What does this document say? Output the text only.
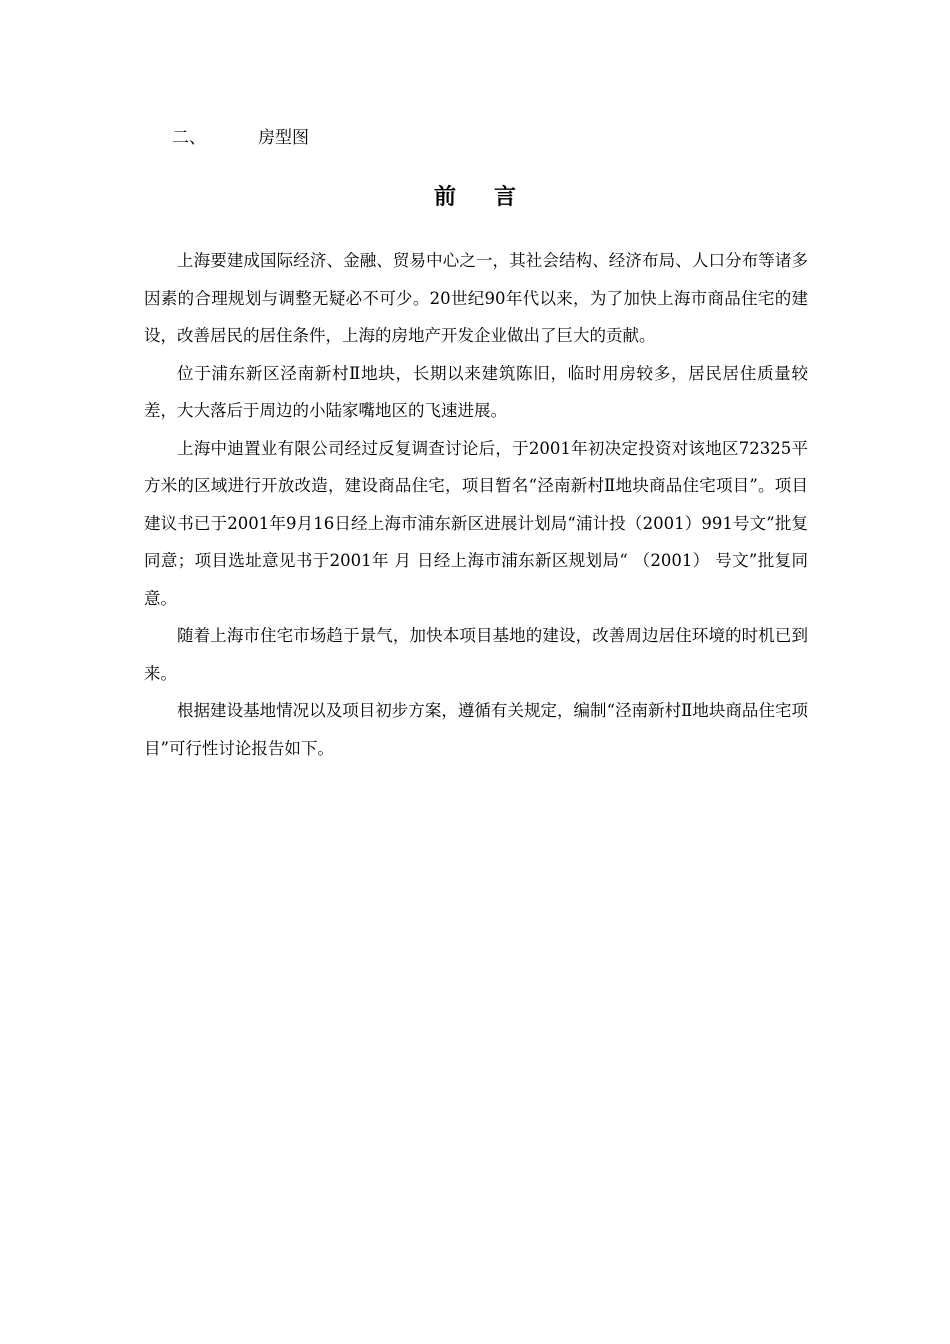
二、	房型图
前言

上海要建成国际经济、金融、贸易中心之一，其社会结构、经济布局、人口分布等诸多因素的合理规划与调整无疑必不可少。20世纪90年代以来，为了加快上海市商品住宅的建设，改善居民的居住条件，上海的房地产开发企业做出了巨大的贡献。

位于浦东新区泾南新村Ⅱ地块，长期以来建筑陈旧，临时用房较多，居民居住质量较差，大大落后于周边的小陆家嘴地区的飞速进展。

上海中迪置业有限公司经过反复调查讨论后，于2001年初决定投资对该地区72325平方米的区域进行开放改造，建设商品住宅，项目暂名“泾南新村Ⅱ地块商品住宅项目”。项目建议书已于2001年9月16日经上海市浦东新区进展计划局“浦计投（2001）991号文”批复同意；项目选址意见书于2001年 月 日经上海市浦东新区规划局“ （2001） 号文”批复同意。

随着上海市住宅市场趋于景气，加快本项目基地的建设，改善周边居住环境的时机已到来。

根据建设基地情况以及项目初步方案，遵循有关规定，编制“泾南新村Ⅱ地块商品住宅项目”可行性讨论报告如下。
